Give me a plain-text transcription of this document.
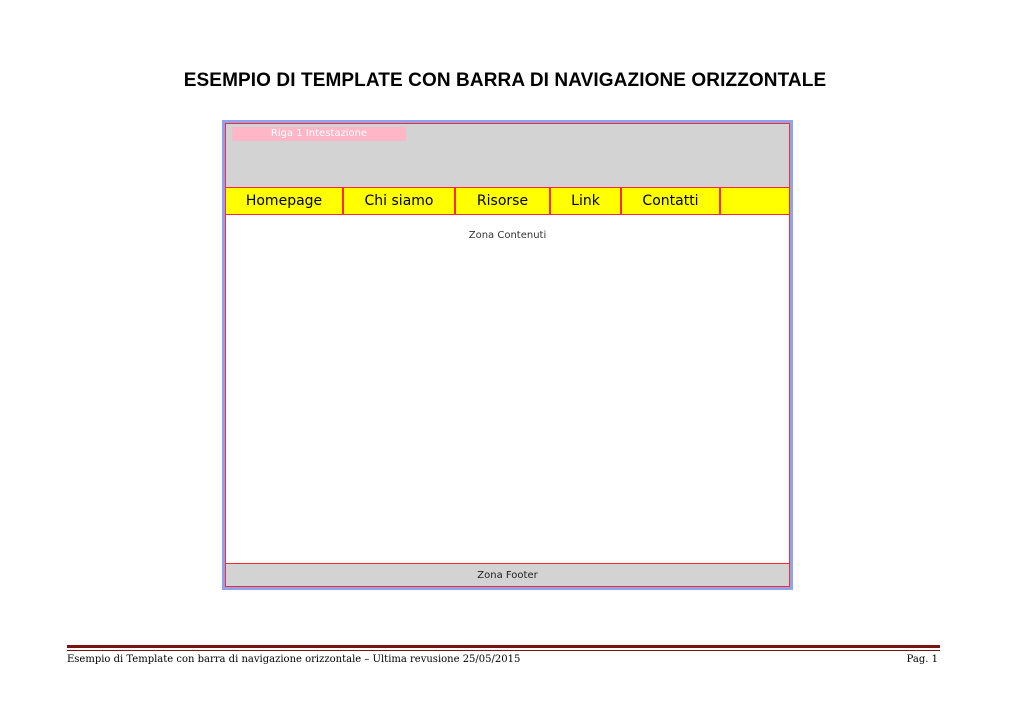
ESEMPIO DI TEMPLATE CON BARRA DI NAVIGAZIONE ORIZZONTALE
Riga 1 Intestazione
Homepage	Chi siamo	Risorse	Link	Contatti
Zona Contenuti
Zona Footer
Esempio di Template con barra di navigazione orizzontale – Ultima revusione 25/05/2015	Pag. 1
